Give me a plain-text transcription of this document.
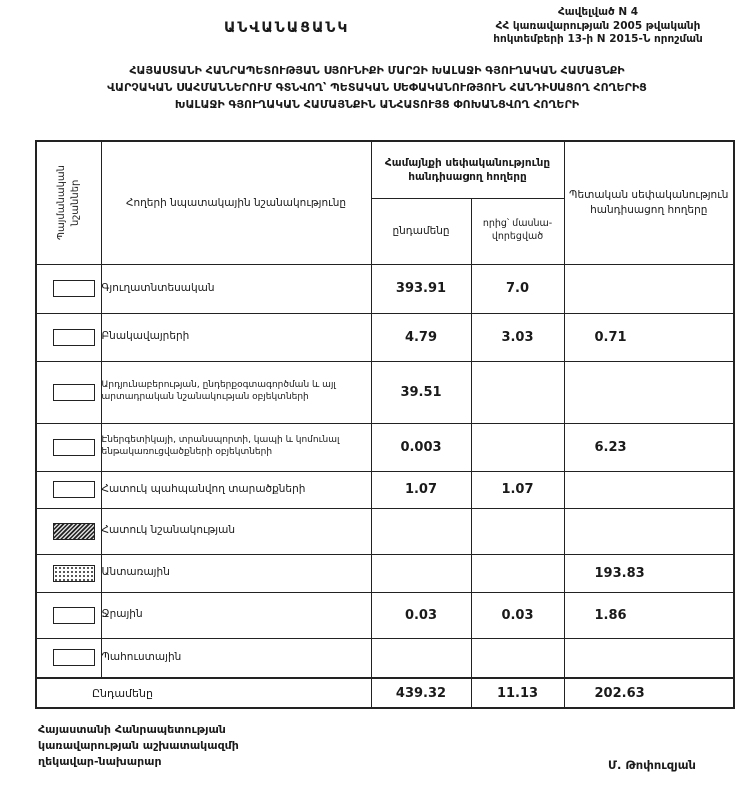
Հավելված N 4
ՀՀ կառավարության 2005 թվականի
հոկտեմբերի 13-ի N 2015-Ն որոշման
ԱՆՎԱՆԱՑԱՆԿ
ՀԱՅԱՍՏԱՆԻ ՀԱՆՐԱՊԵՏՈՒԹՅԱՆ ՍՅՈՒՆԻՔԻ ՄԱՐԶԻ ԽԱԼԱՋԻ ԳՅՈՒՂԱԿԱՆ ՀԱՄԱՅՆՔԻ
ՎԱՐՉԱԿԱՆ ՍԱՀՄԱՆՆԵՐՈՒՄ ԳՏՆՎՈՂ՝ ՊԵՏԱԿԱՆ ՍԵՓԱԿԱՆՈՒԹՅՈՒՆ ՀԱՆԴԻՍԱՑՈՂ ՀՈՂԵՐԻՑ
ԽԱԼԱՋԻ ԳՅՈՒՂԱԿԱՆ ՀԱՄԱՅՆՔԻՆ ԱՆՀԱՏՈՒՅՑ ՓՈԽԱՆՑՎՈՂ ՀՈՂԵՐԻ
Պայմանական նշաններ	Հողերի նպատակային նշանակությունը	Համայնքի սեփականությունը հանդիսացող հողերը		Պետական սեփականություն հանդիսացող հողերը
		ընդամենը	որից՝ մասնա- վորեցված	

	Գյուղատնտեսական	393.91	7.0	

	Բնակավայրերի	4.79	3.03	0.71

	Արդյունաբերության, ընդերքօգտագործման և այլ արտադրական նշանակության օբյեկտների	39.51		

	Էներգետիկայի, տրանսպորտի, կապի և կոմունալ ենթակառուցվածքների օբյեկտների	0.003		6.23

	Հատուկ պահպանվող տարածքների	1.07	1.07	

	Հատուկ նշանակության			

	Անտառային			193.83

	Ջրային	0.03	0.03	1.86

	Պահուստային			
Ընդամենը		439.32	11.13	202.63
Հայաստանի Հանրապետության
կառավարության աշխատակազմի
ղեկավար-նախարար	Մ. Թոփուզյան
